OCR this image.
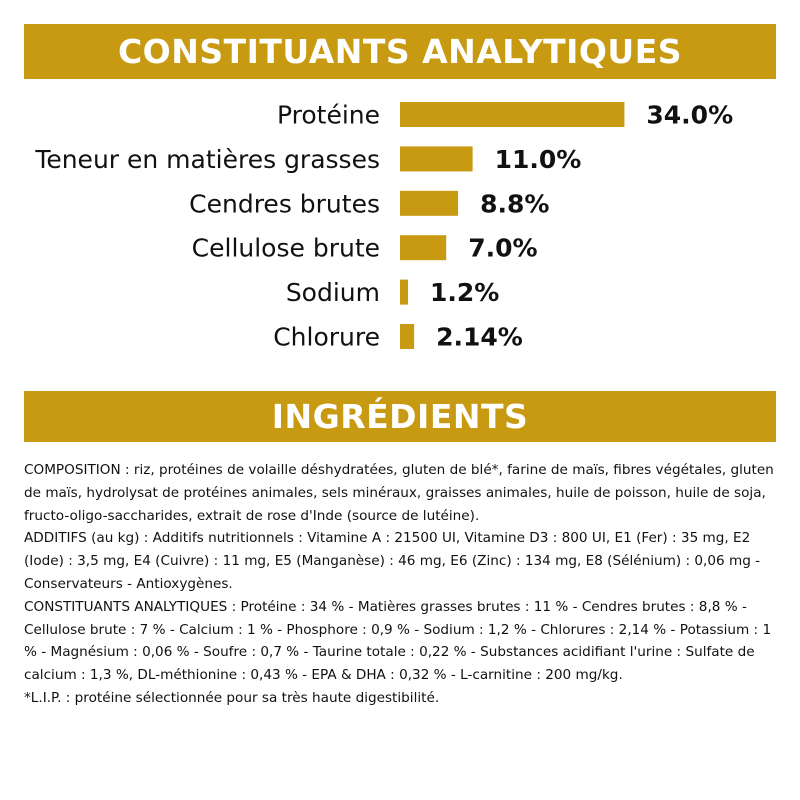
CONSTITUANTS ANALYTIQUES
Protéine	34.0%
Teneur en matières grasses	11.0%
Cendres brutes	8.8%
Cellulose brute	7.0%
Sodium 1.2%
Chlorure 2.14%
INGRÉDIENTS

COMPOSITION : riz, protéines de volaille déshydratées, gluten de blé*, farine de maïs, fibres végétales, gluten de maïs, hydrolysat de protéines animales, sels minéraux, graisses animales, huile de poisson, huile de soja, fructo-oligo-saccharides, extrait de rose d'Inde (source de lutéine).

ADDITIFS (au kg) : Additifs nutritionnels : Vitamine A : 21500 UI, Vitamine D3 : 800 UI, E1 (Fer) : 35 mg, E2 (Iode) : 3,5 mg, E4 (Cuivre) : 11 mg, E5 (Manganèse) : 46 mg, E6 (Zinc) : 134 mg, E8 (Sélénium) : 0,06 mg - Conservateurs - Antioxygènes.

CONSTITUANTS ANALYTIQUES : Protéine : 34 % - Matières grasses brutes : 11 % - Cendres brutes : 8,8 % - Cellulose brute : 7 % - Calcium : 1 % - Phosphore : 0,9 % - Sodium : 1,2 % - Chlorures : 2,14 % - Potassium : 1 % - Magnésium : 0,06 % - Soufre : 0,7 % - Taurine totale : 0,22 % - Substances acidifiant l'urine : Sulfate de calcium : 1,3 %, DL-méthionine : 0,43 % - EPA & DHA : 0,32 % - L-carnitine : 200 mg/kg.

*L.I.P. : protéine sélectionnée pour sa très haute digestibilité.
